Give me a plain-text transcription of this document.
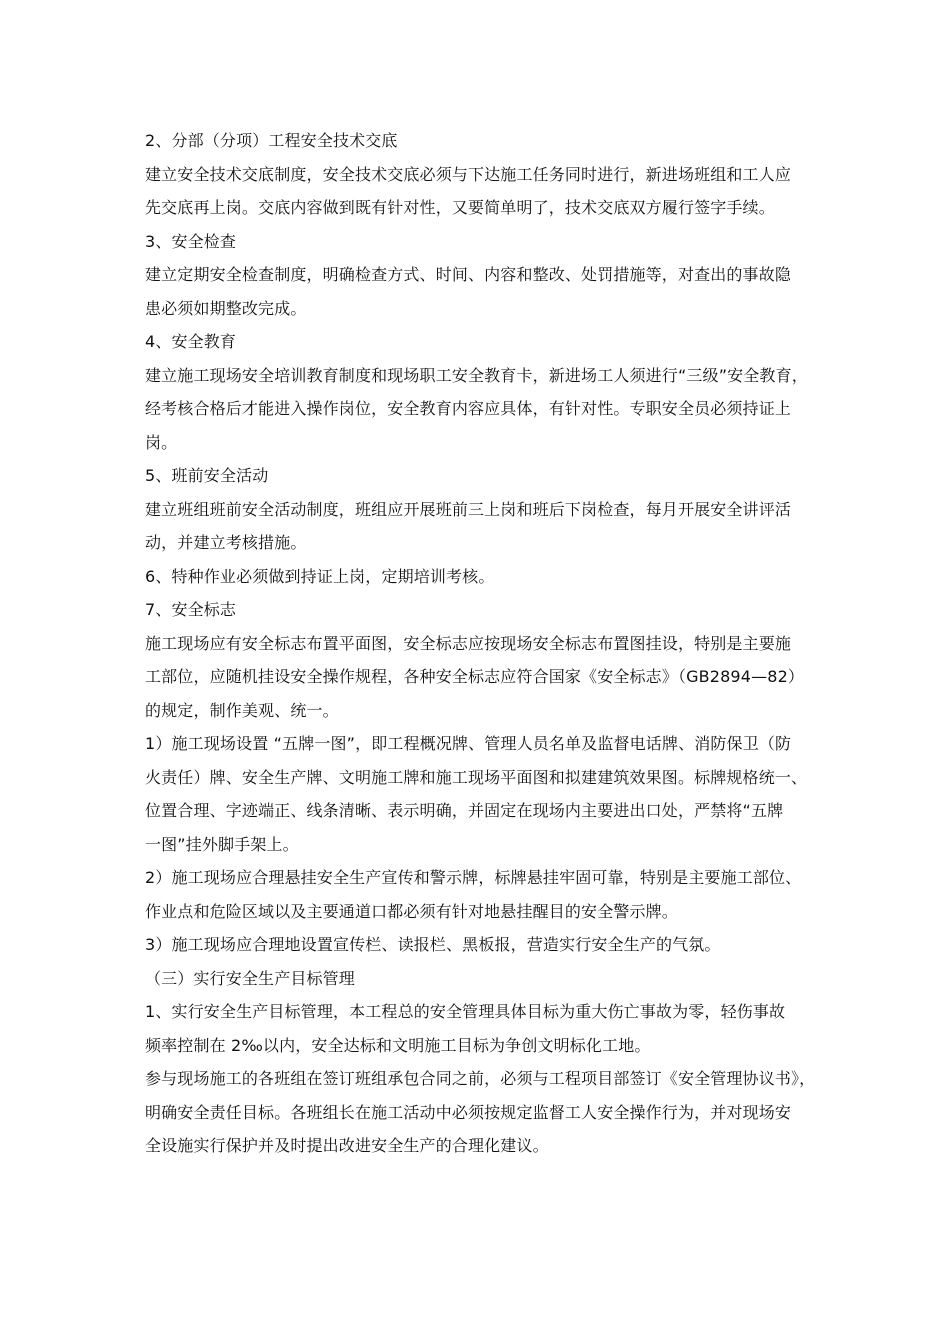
2、分部（分项）工程安全技术交底
建立安全技术交底制度，安全技术交底必须与下达施工任务同时进行，新进场班组和工人应
先交底再上岗。交底内容做到既有针对性，又要简单明了，技术交底双方履行签字手续。
3、安全检查
建立定期安全检查制度，明确检查方式、时间、内容和整改、处罚措施等，对查出的事故隐
患必须如期整改完成。
4、安全教育
建立施工现场安全培训教育制度和现场职工安全教育卡，新进场工人须进行“三级”安全教育，
经考核合格后才能进入操作岗位，安全教育内容应具体，有针对性。专职安全员必须持证上
岗。
5、班前安全活动
建立班组班前安全活动制度，班组应开展班前三上岗和班后下岗检查，每月开展安全讲评活
动，并建立考核措施。
6、特种作业必须做到持证上岗，定期培训考核。
7、安全标志
施工现场应有安全标志布置平面图，安全标志应按现场安全标志布置图挂设，特别是主要施
工部位，应随机挂设安全操作规程，各种安全标志应符合国家《安全标志》（GB2894—82）
的规定，制作美观、统一。
1）施工现场设置 “五牌一图”，即工程概况牌、管理人员名单及监督电话牌、消防保卫（防
火责任）牌、安全生产牌、文明施工牌和施工现场平面图和拟建建筑效果图。标牌规格统一、
位置合理、字迹端正、线条清晰、表示明确，并固定在现场内主要进出口处，严禁将“五牌
一图”挂外脚手架上。
2）施工现场应合理悬挂安全生产宣传和警示牌，标牌悬挂牢固可靠，特别是主要施工部位、
作业点和危险区域以及主要通道口都必须有针对地悬挂醒目的安全警示牌。
3）施工现场应合理地设置宣传栏、读报栏、黑板报，营造实行安全生产的气氛。
（三）实行安全生产目标管理
1、实行安全生产目标管理，本工程总的安全管理具体目标为重大伤亡事故为零，轻伤事故
频率控制在 2‰以内，安全达标和文明施工目标为争创文明标化工地。
参与现场施工的各班组在签订班组承包合同之前，必须与工程项目部签订《安全管理协议书》，
明确安全责任目标。各班组长在施工活动中必须按规定监督工人安全操作行为，并对现场安
全设施实行保护并及时提出改进安全生产的合理化建议。
